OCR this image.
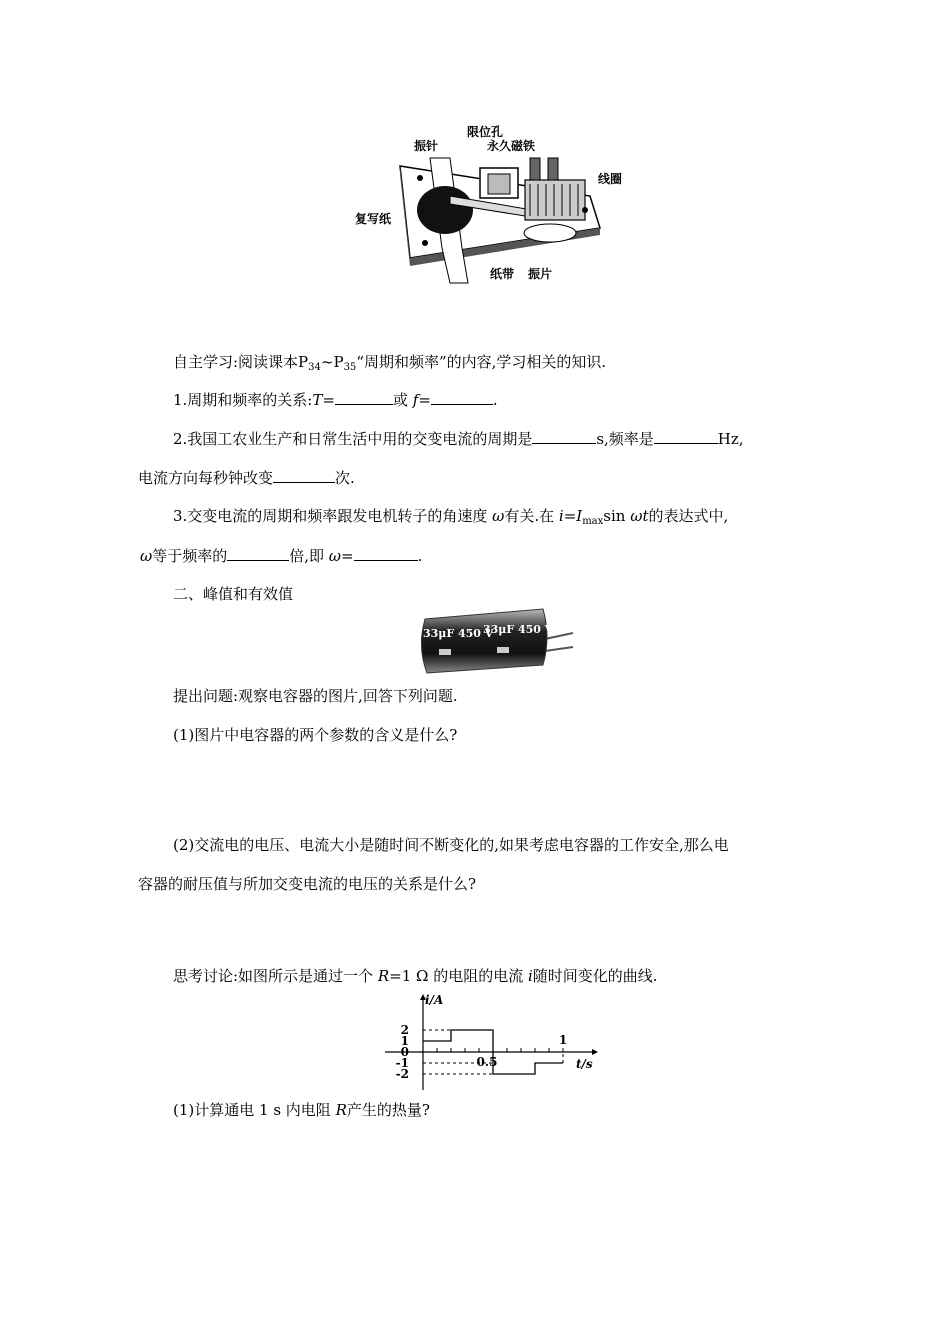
振针
限位孔
永久磁铁
线圈
复写纸
纸带 振片
自主学习:阅读课本$P_{34}\sim P_{35}“$周期和频率”的内容,学习相关的知识.
1.周期和频率的关系:T=	或 f=	.
2.我国工农业生产和日常生活中用的交变电流的周期是	s,频率是	Hz,
电流方向每秒钟改变	次.
3.交变电流的周期和频率跟发电机转子的角速度 ω有关.在 $i=I_{max}\sin$ ωt的表达式中,
ω等于频率的	倍,即 ω=	.
二、峰值和有效值
33μF 450 V
33μF 450 V
提出问题:观察电容器的图片,回答下列问题.
(1)图片中电容器的两个参数的含义是什么?
(2)交流电的电压、电流大小是随时间不断变化的,如果考虑电容器的工作安全,那么电
容器的耐压值与所加交变电流的电压的关系是什么?
思考讨论:如图所示是通过一个 R=1 Ω 的电阻的电流 i随时间变化的曲线.
2
1
0
-1
-2
0.5
1
i/A
t/s
(1)计算通电 1 s 内电阻 R产生的热量?
